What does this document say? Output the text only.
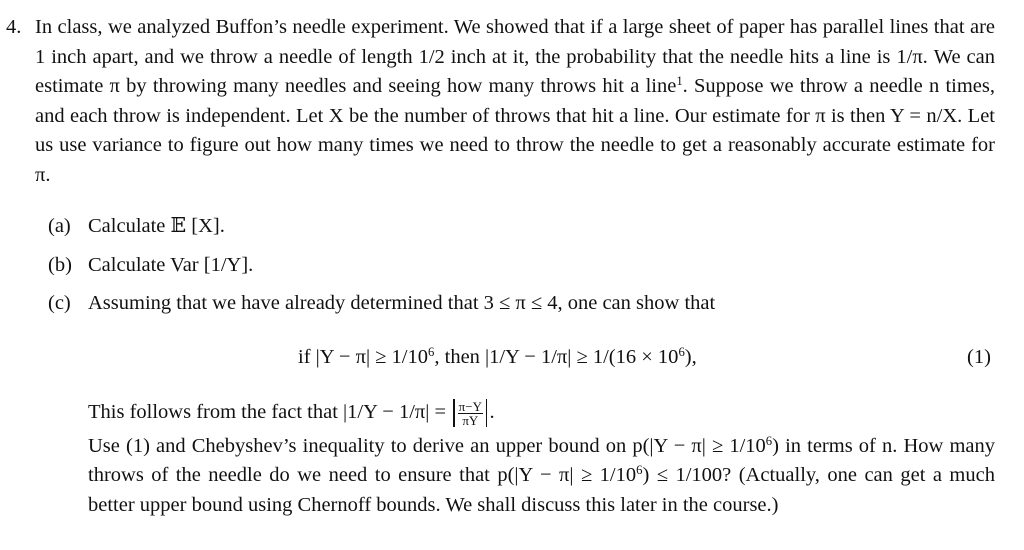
4. In class, we analyzed Buffon’s needle experiment. We showed that if a large sheet of paper has parallel lines that are 1 inch apart, and we throw a needle of length 1/2 inch at it, the probability that the needle hits a line is 1/π. We can estimate π by throwing many needles and seeing how many throws hit a line$^1$. Suppose we throw a needle n times, and each throw is independent. Let X be the number of throws that hit a line. Our estimate for π is then Y = n/X. Let us use variance to figure out how many times we need to throw the needle to get a reasonably accurate estimate for π.
(a) Calculate 𝔼 [X].
(b) Calculate Var [1/Y].
(c) Assuming that we have already determined that 3 ≤ π ≤ 4, one can show that
if $|Y - \pi| \ge 1/10^6$, then $|1/Y - 1/\pi| \ge 1/(16 \times 10^6)$,	(1)
This follows from the fact that $|1/Y - 1/\pi| = \frac{\pi-Y}{\pi Y}$ .
Use (1) and Chebyshev’s inequality to derive an upper bound on $p(|Y - \pi| \ge 1/10^6)$ in terms of n. How many throws of the needle do we need to ensure that $p(|Y - \pi| \ge 1/10^6) \le 1/100$? (Actually, one can get a much better upper bound using Chernoff bounds. We shall discuss this later in the course.)
